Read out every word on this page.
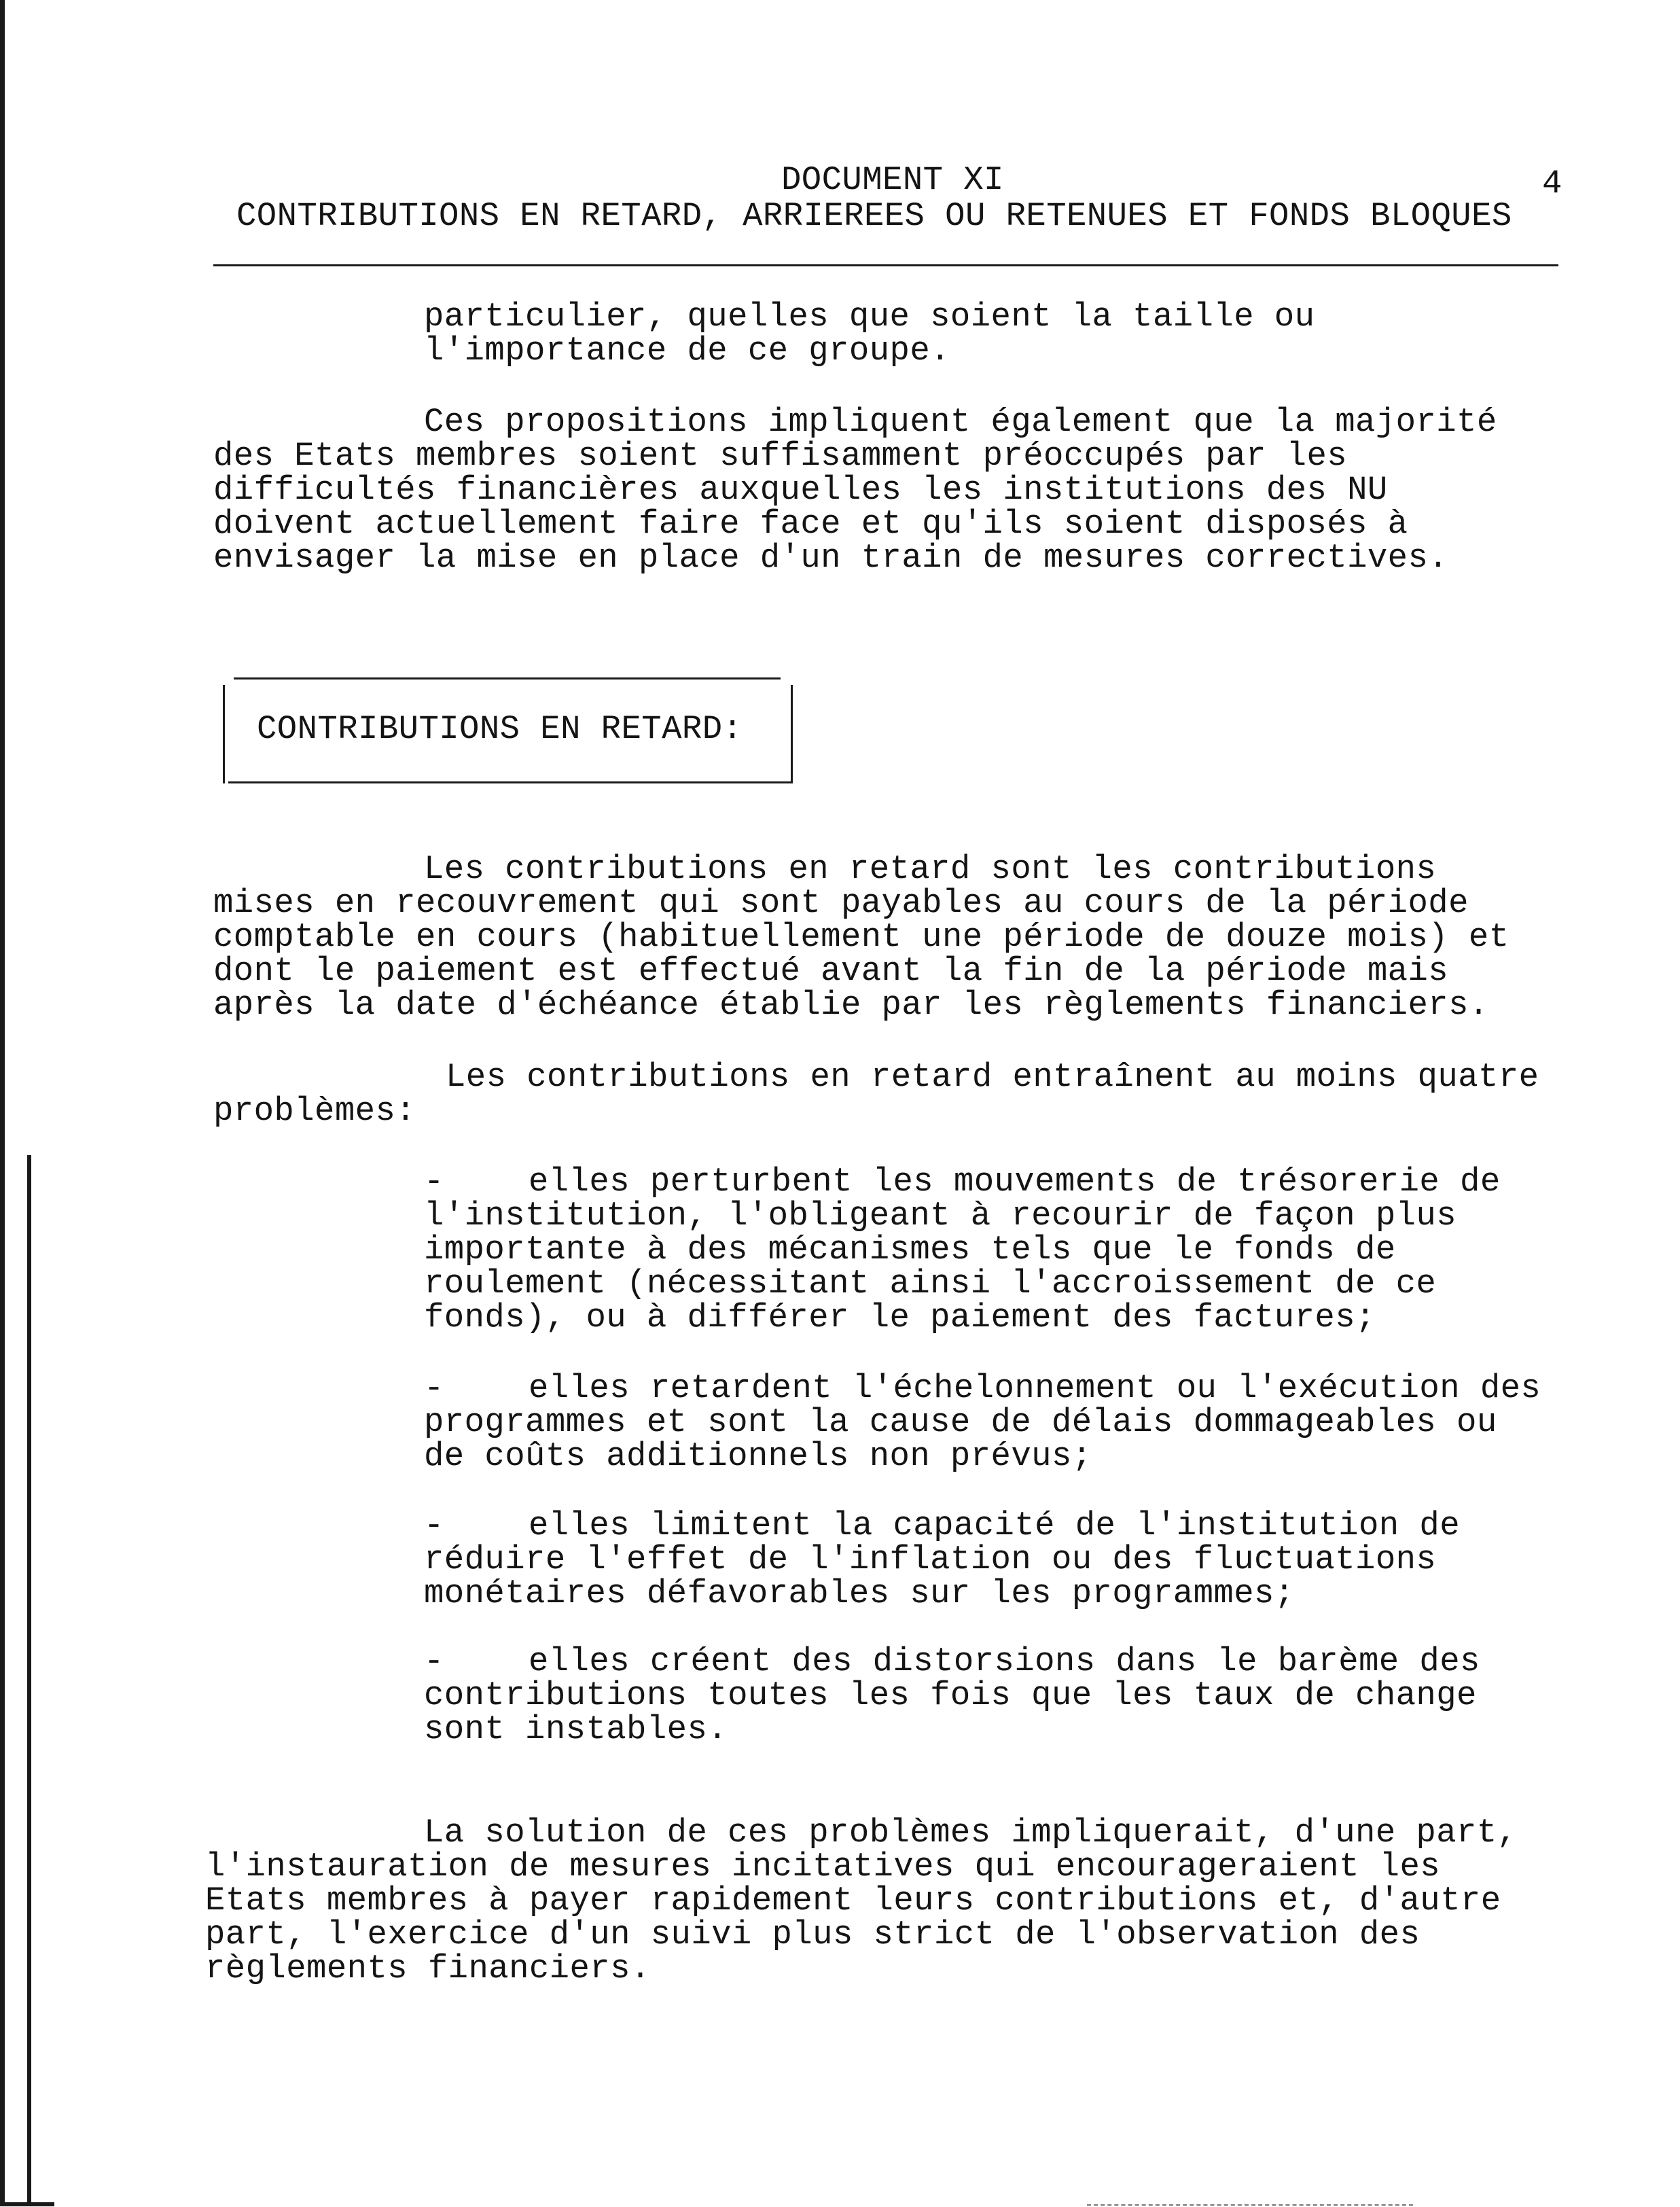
DOCUMENT XI	4

CONTRIBUTIONS EN RETARD, ARRIEREES OU RETENUES ET FONDS BLOQUES

particulier, quelles que soient la taille ou

l'importance de ce groupe.

Ces propositions impliquent également que la majorité

des Etats membres soient suffisamment préoccupés par les

difficultés financières auxquelles les institutions des NU

doivent actuellement faire face et qu'ils soient disposés à

envisager la mise en place d'un train de mesures correctives.

CONTRIBUTIONS EN RETARD:

Les contributions en retard sont les contributions

mises en recouvrement qui sont payables au cours de la période

comptable en cours (habituellement une période de douze mois) et

dont le paiement est effectué avant la fin de la période mais

après la date d'échéance établie par les règlements financiers.

Les contributions en retard entraînent au moins quatre

problèmes:

-	elles perturbent les mouvements de trésorerie de

l'institution, l'obligeant à recourir de façon plus

importante à des mécanismes tels que le fonds de

roulement (nécessitant ainsi l'accroissement de ce

fonds), ou à différer le paiement des factures;

-	elles retardent l'échelonnement ou l'exécution des

programmes et sont la cause de délais dommageables ou

de coûts additionnels non prévus;

-	elles limitent la capacité de l'institution de

réduire l'effet de l'inflation ou des fluctuations

monétaires défavorables sur les programmes;

-	elles créent des distorsions dans le barème des

contributions toutes les fois que les taux de change

sont instables.

La solution de ces problèmes impliquerait, d'une part,

l'instauration de mesures incitatives qui encourageraient les

Etats membres à payer rapidement leurs contributions et, d'autre

part, l'exercice d'un suivi plus strict de l'observation des

règlements financiers.
